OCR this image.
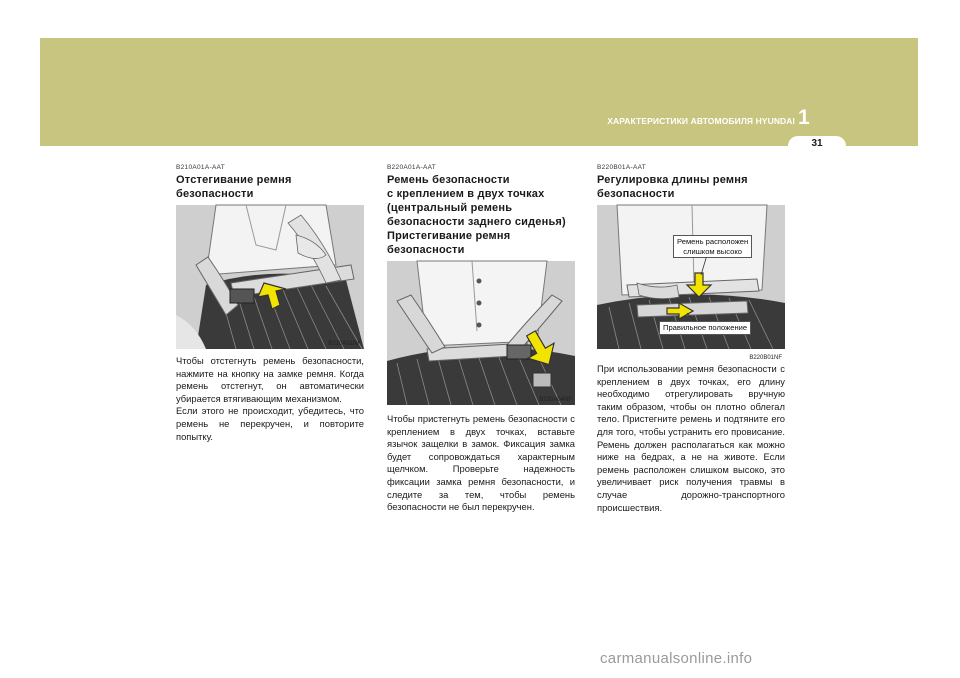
ХАРАКТЕРИСТИКИ АВТОМОБИЛЯ HYUNDAI 1
31
B210A01A-AAT
Отстегивание ремня безопасности
B210A01NF

Чтобы отстегнуть ремень безопасности, нажмите на кнопку на замке ремня. Когда ремень отстегнут, он автоматически убирается втягивающим механизмом.

Если этого не происходит, убедитесь, что ремень не перекручен, и повторите попытку.

B220A01A-AAT
Ремень безопасности
с креплением в двух точках
(центральный ремень
безопасности заднего сиденья)
Пристегивание ремня
безопасности
B220A04NF

Чтобы пристегнуть ремень безопасности с креплением в двух точках, вставьте язычок защелки в замок. Фиксация замка будет сопровождаться характерным щелчком. Проверьте надежность фиксации замка ремня безопасности, и следите за тем, чтобы ремень безопасности не был перекручен.

B220B01A-AAT
Регулировка длины ремня
безопасности
Ремень расположен
слишком высоко
Правильное положение
B220B01NF

При использовании ремня безопасности с креплением в двух точках, его длину необходимо отрегулировать вручную таким образом, чтобы он плотно облегал тело. Пристегните ремень и подтяните его для того, чтобы устранить его провисание. Ремень должен располагаться как можно ниже на бедрах, а не на животе. Если ремень расположен слишком высоко, это увеличивает риск получения травмы в случае дорожно-транспортного происшествия.

carmanualsonline.info
